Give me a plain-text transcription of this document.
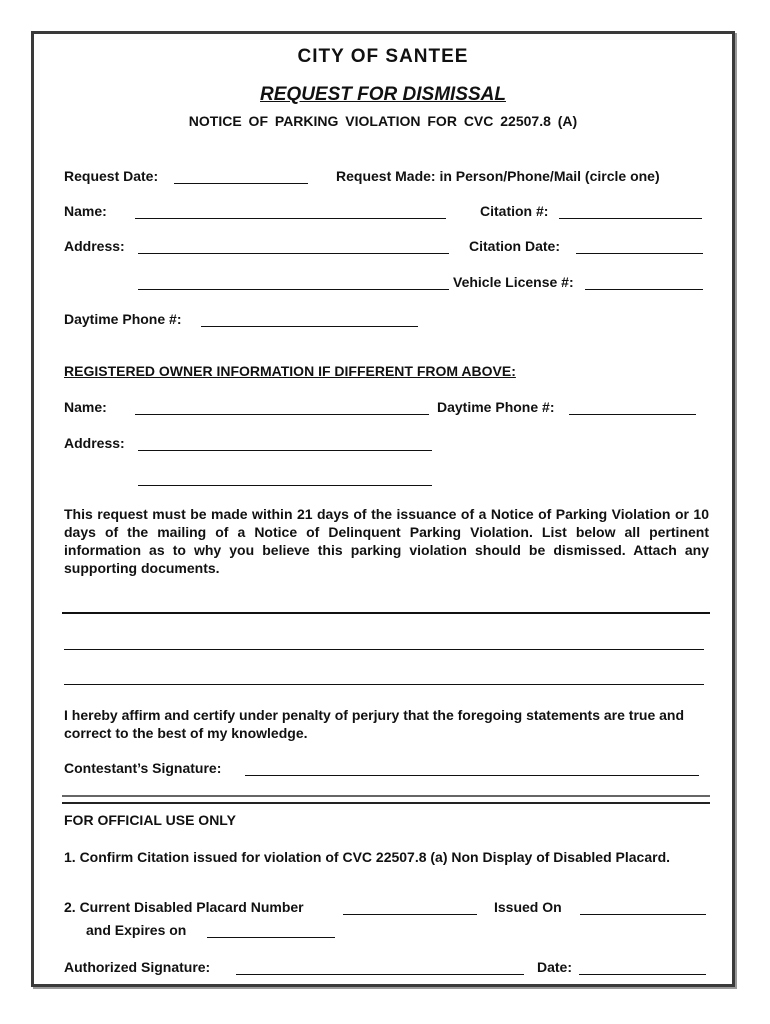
CITY OF SANTEE
REQUEST FOR DISMISSAL
NOTICE OF PARKING VIOLATION FOR CVC 22507.8 (A)
Request Date:	Request Made: in Person/Phone/Mail (circle one)
Name:	Citation #:
Address:	Citation Date:
Vehicle License #:
Daytime Phone #:
REGISTERED OWNER INFORMATION IF DIFFERENT FROM ABOVE:
Name:	Daytime Phone #:
Address:
This request must be made within 21 days of the issuance of a Notice of Parking Violation or 10 days of the mailing of a Notice of Delinquent Parking Violation. List below all pertinent information as to why you believe this parking violation should be dismissed. Attach any supporting documents.
I hereby affirm and certify under penalty of perjury that the foregoing statements are true and correct to the best of my knowledge.
Contestant’s Signature:
FOR OFFICIAL USE ONLY
1. Confirm Citation issued for violation of CVC 22507.8 (a) Non Display of Disabled Placard.
2. Current Disabled Placard Number	Issued On
and Expires on
Authorized Signature:	Date:
